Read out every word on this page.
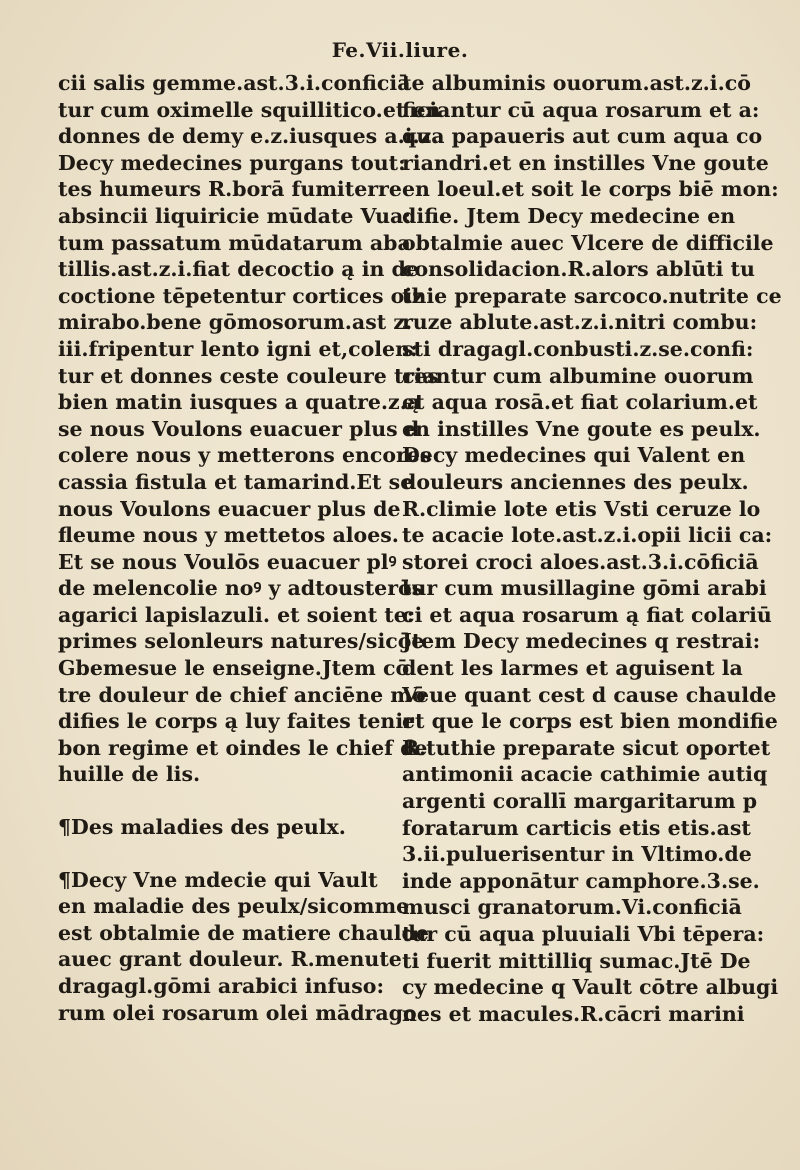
Fe.Vii.liure.
cii salis gemme.ast.3.i.conficiā
tur cum oximelle squillitico.et en
donnes de demy e.z.iusques a.i.z.
Decy medecines purgans tout:
tes humeurs R.borā fumiterre
absincii liquiricie mūdate Vua:
tum passatum mūdatarum aba
tillis.ast.z.i.fiat decoctio ą in de
coctione tēpetentur cortices oiz
mirabo.bene gōmosorum.ast z.
iii.fripentur lento igni et,colen:
tur et donnes ceste couleure tres
bien matin iusques a quatre.z.ą
se nous Voulons euacuer plus d
colere nous y metterons encores
cassia fistula et tamarind.Et se
nous Voulons euacuer plus de
fleume nous y mettetos aloes.
Et se nous Voulōs euacuer plꝰ
de melencolie noꝰ y adtousterōs
agarici lapislazuli. et soient te:
primes selonleurs natures/sicōe
Gbemesue le enseigne.Jtem cō
tre douleur de chief anciēne mō
difies le corps ą luy faites tenir
bon regime et oindes le chief de
huille de lis.
¶Des maladies des peulx.
¶Decy Vne mdecie qui Vault
en maladie des peulx/sicomme
est obtalmie de matiere chaulde
auec grant douleur. R.menute
dragagl.gōmi arabici infuso:
rum olei rosarum olei mādrago
te albuminis ouorum.ast.z.i.cō
ficiantur cū aqua rosarum et a:
qua papaueris aut cum aqua co
riandri.et en instilles Vne goute
en loeul.et soit le corps biē mon:
difie. Jtem Decy medecine en
obtalmie auec Vlcere de difficile
consolidacion.R.alors ablūti tu
thie preparate sarcoco.nutrite ce
ruze ablute.ast.z.i.nitri combu:
sti dragagl.conbusti.z.se.confi:
ciantur cum albumine ouorum
et aqua rosā.et fiat colarium.et
en instilles Vne goute es peulx.
Decy medecines qui Valent en
douleurs anciennes des peulx.
R.climie lote etis Vsti ceruze lo
te acacie lote.ast.z.i.opii licii ca:
storei croci aloes.ast.3.i.cōficiā
tur cum musillagine gōmi arabi
ci et aqua rosarum ą fiat colariū
Jtem Decy medecines q restrai:
dent les larmes et aguisent la
Veue quant cest d cause chaulde
et que le corps est bien mondifie
R.tuthie preparate sicut oportet
antimonii acacie cathimie autiq
argenti corallī margaritarum p
foratarum carticis etis etis.ast
3.ii.puluerisentur in Vltimo.de
inde apponātur camphore.3.se.
musci granatorum.Vi.conficiā
tur cū aqua pluuiali Vbi tēpera:
ti fuerit mittilliq sumac.Jtē De
cy medecine q Vault cōtre albugi
nes et macules.R.cācri marini
